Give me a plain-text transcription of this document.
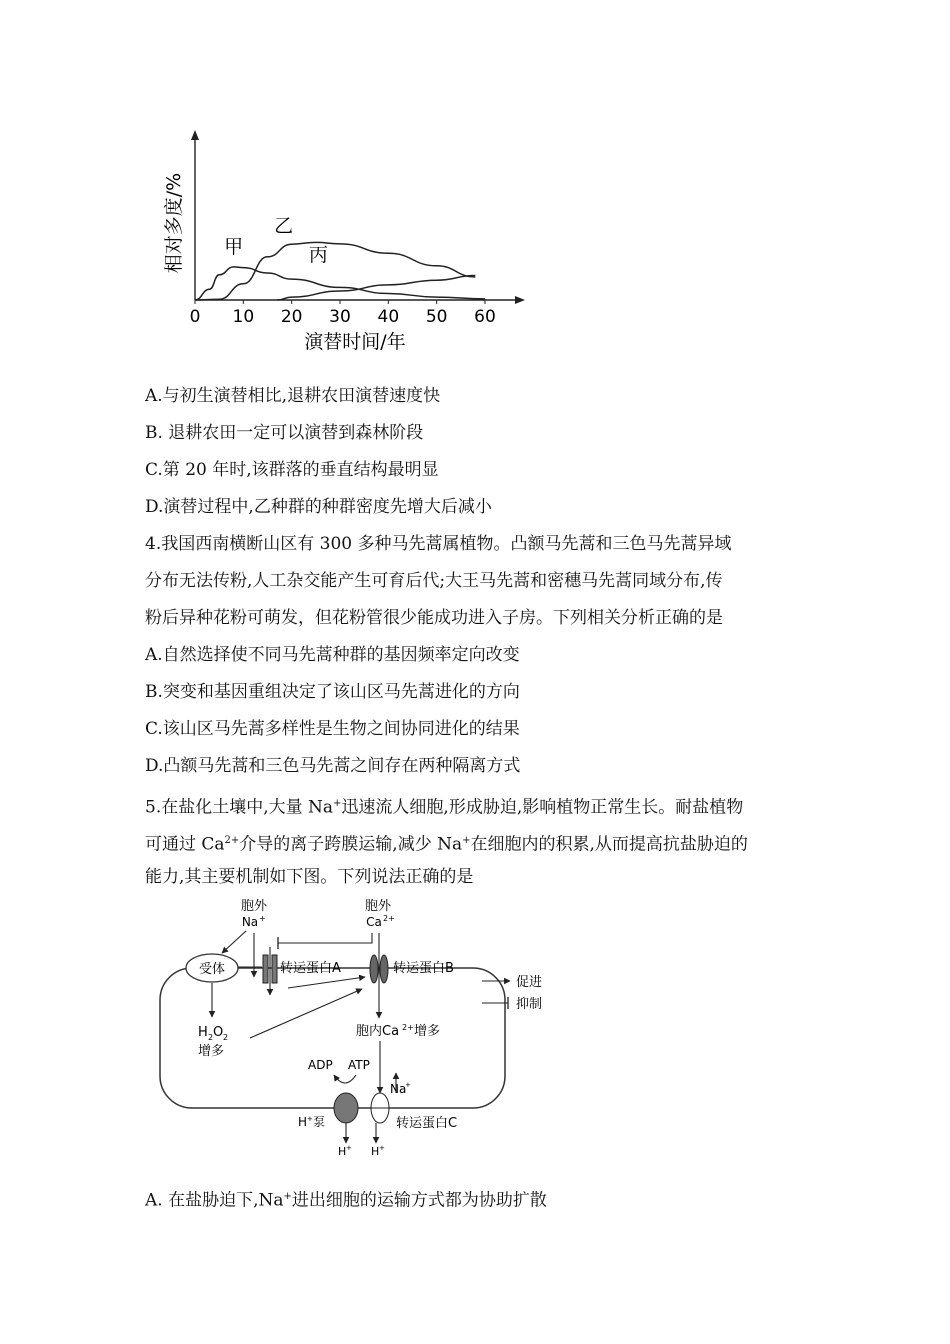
0 10 20 30 40 50 60
甲
乙
丙
演替时间/年
相对多度/%
A.与初生演替相比,退耕农田演替速度快
B. 退耕农田一定可以演替到森林阶段
C.第 20 年时,该群落的垂直结构最明显
D.演替过程中,乙种群的种群密度先增大后减小
4.我国西南横断山区有 300 多种马先蒿属植物。凸额马先蒿和三色马先蒿异域
分布无法传粉,人工杂交能产生可育后代;大王马先蒿和密穗马先蒿同域分布,传
粉后异种花粉可萌发，但花粉管很少能成功进入子房。下列相关分析正确的是
A.自然选择使不同马先蒿种群的基因频率定向改变
B.突变和基因重组决定了该山区马先蒿进化的方向
C.该山区马先蒿多样性是生物之间协同进化的结果
D.凸额马先蒿和三色马先蒿之间存在两种隔离方式
5.在盐化土壤中,大量 Na+迅速流人细胞,形成胁迫,影响植物正常生长。耐盐植物
可通过 $Ca^{2+}$介导的离子跨膜运输,减少 Na+在细胞内的积累,从而提高抗盐胁迫的
能力,其主要机制如下图。下列说法正确的是
胞外
Na +
胞外
Ca 2+
受体	转运蛋白A	转运蛋白B
促进
抑制
H 2 O 2
增多
胞内Ca 2+ 增多
ADP ATP
H + 泵
H +
Na
+
H +
转运蛋白C
A. 在盐胁迫下,Na+进出细胞的运输方式都为协助扩散
